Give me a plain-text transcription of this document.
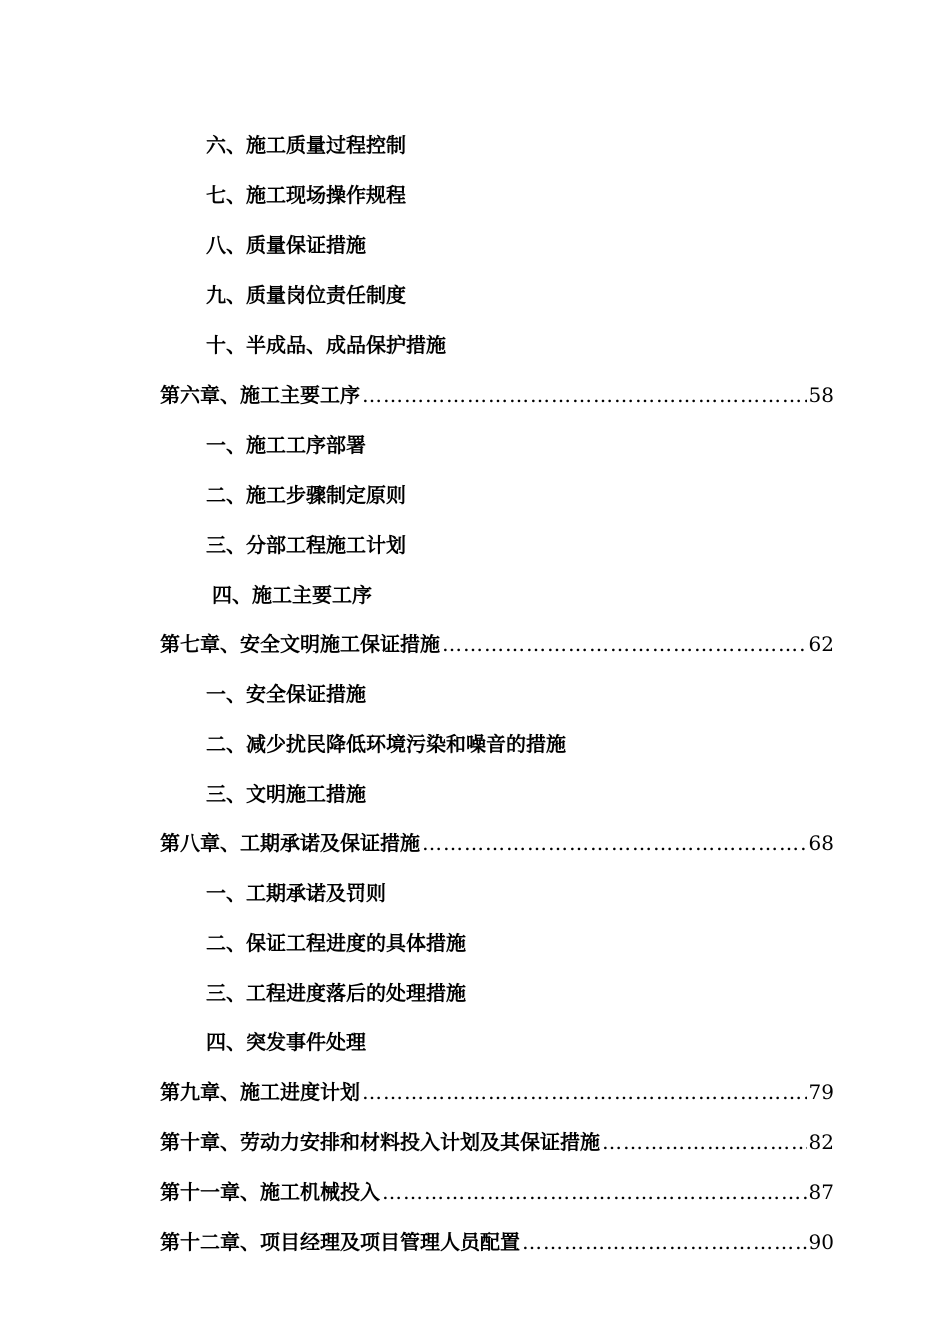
六、施工质量过程控制
七、施工现场操作规程
八、质量保证措施
九、质量岗位责任制度
十、半成品、成品保护措施
第六章、施工主要工序 …………………………………………………………………………………………………………………………………………………	58
一、施工工序部署
二、施工步骤制定原则
三、分部工程施工计划
四、施工主要工序
第七章、安全文明施工保证措施 …………………………………………………………………………………………………………………………………………………	62
一、安全保证措施
二、减少扰民降低环境污染和噪音的措施
三、文明施工措施
第八章、工期承诺及保证措施 …………………………………………………………………………………………………………………………………………………	68
一、工期承诺及罚则
二、保证工程进度的具体措施
三、工程进度落后的处理措施
四、突发事件处理
第九章、施工进度计划 …………………………………………………………………………………………………………………………………………………	79
第十章、劳动力安排和材料投入计划及其保证措施 …………………………………………………………………………………………………………………………………………………	82
第十一章、施工机械投入 …………………………………………………………………………………………………………………………………………………	87
第十二章、项目经理及项目管理人员配置 …………………………………………………………………………………………………………………………………………………	90
